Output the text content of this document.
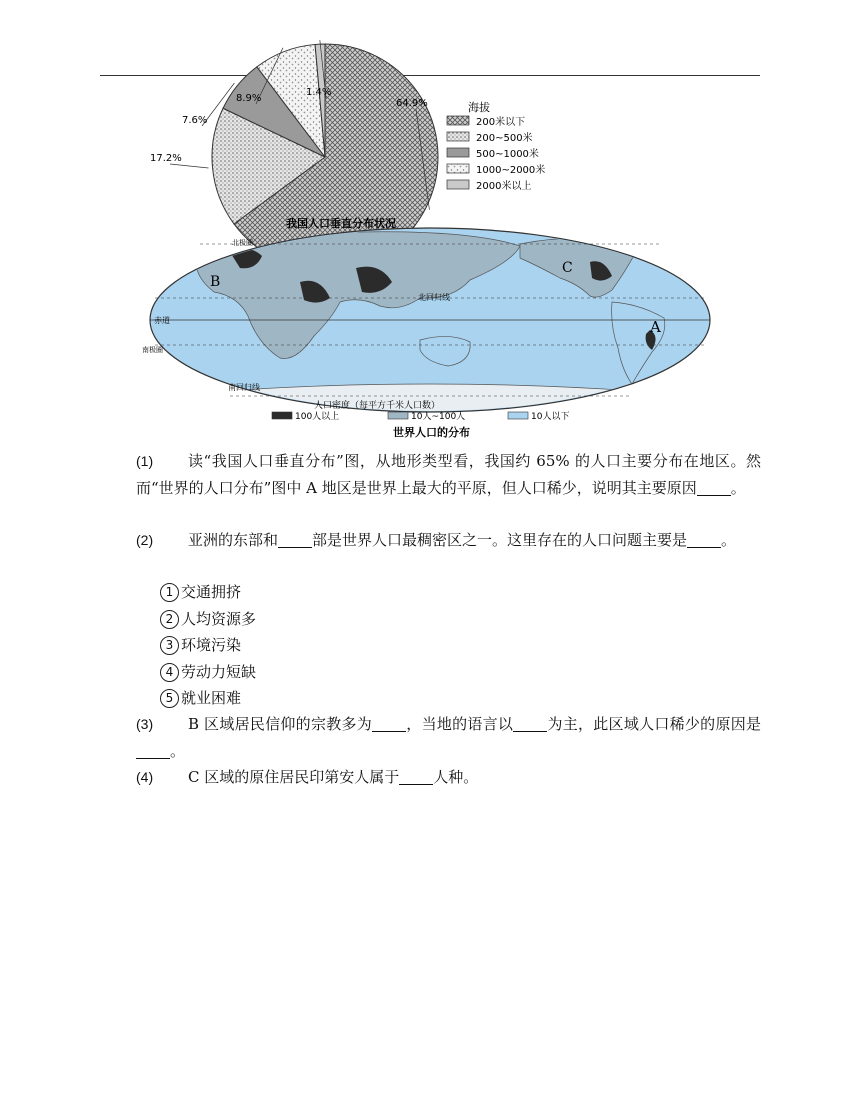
64.9%
17.2%
7.6%
8.9%
1.4%
海拔
200米以下
200~500米
500~1000米
1000~2000米
2000米以上
我国人口垂直分布状况
北回归线
赤道
南回归线
北极圈
南极圈
A
B
C
人口密度（每平方千米人口数）
100人以上	10人~100人	10人以下
世界人口的分布
(1)	读“我国人口垂直分布”图，从地形类型看，我国约 65% 的人口主要分布在地区。然而“世界的人口分布”图中 A 地区是世界上最大的平原，但人口稀少，说明其主要原因 。
(2)	亚洲的东部和 部是世界人口最稠密区之一。这里存在的人口问题主要是 。
1 交通拥挤
2 人均资源多
3 环境污染
4 劳动力短缺
5 就业困难
(3)	B 区域居民信仰的宗教多为 ，当地的语言以 为主，此区域人口稀少的原因是。
(4)	C 区域的原住居民印第安人属于 人种。
